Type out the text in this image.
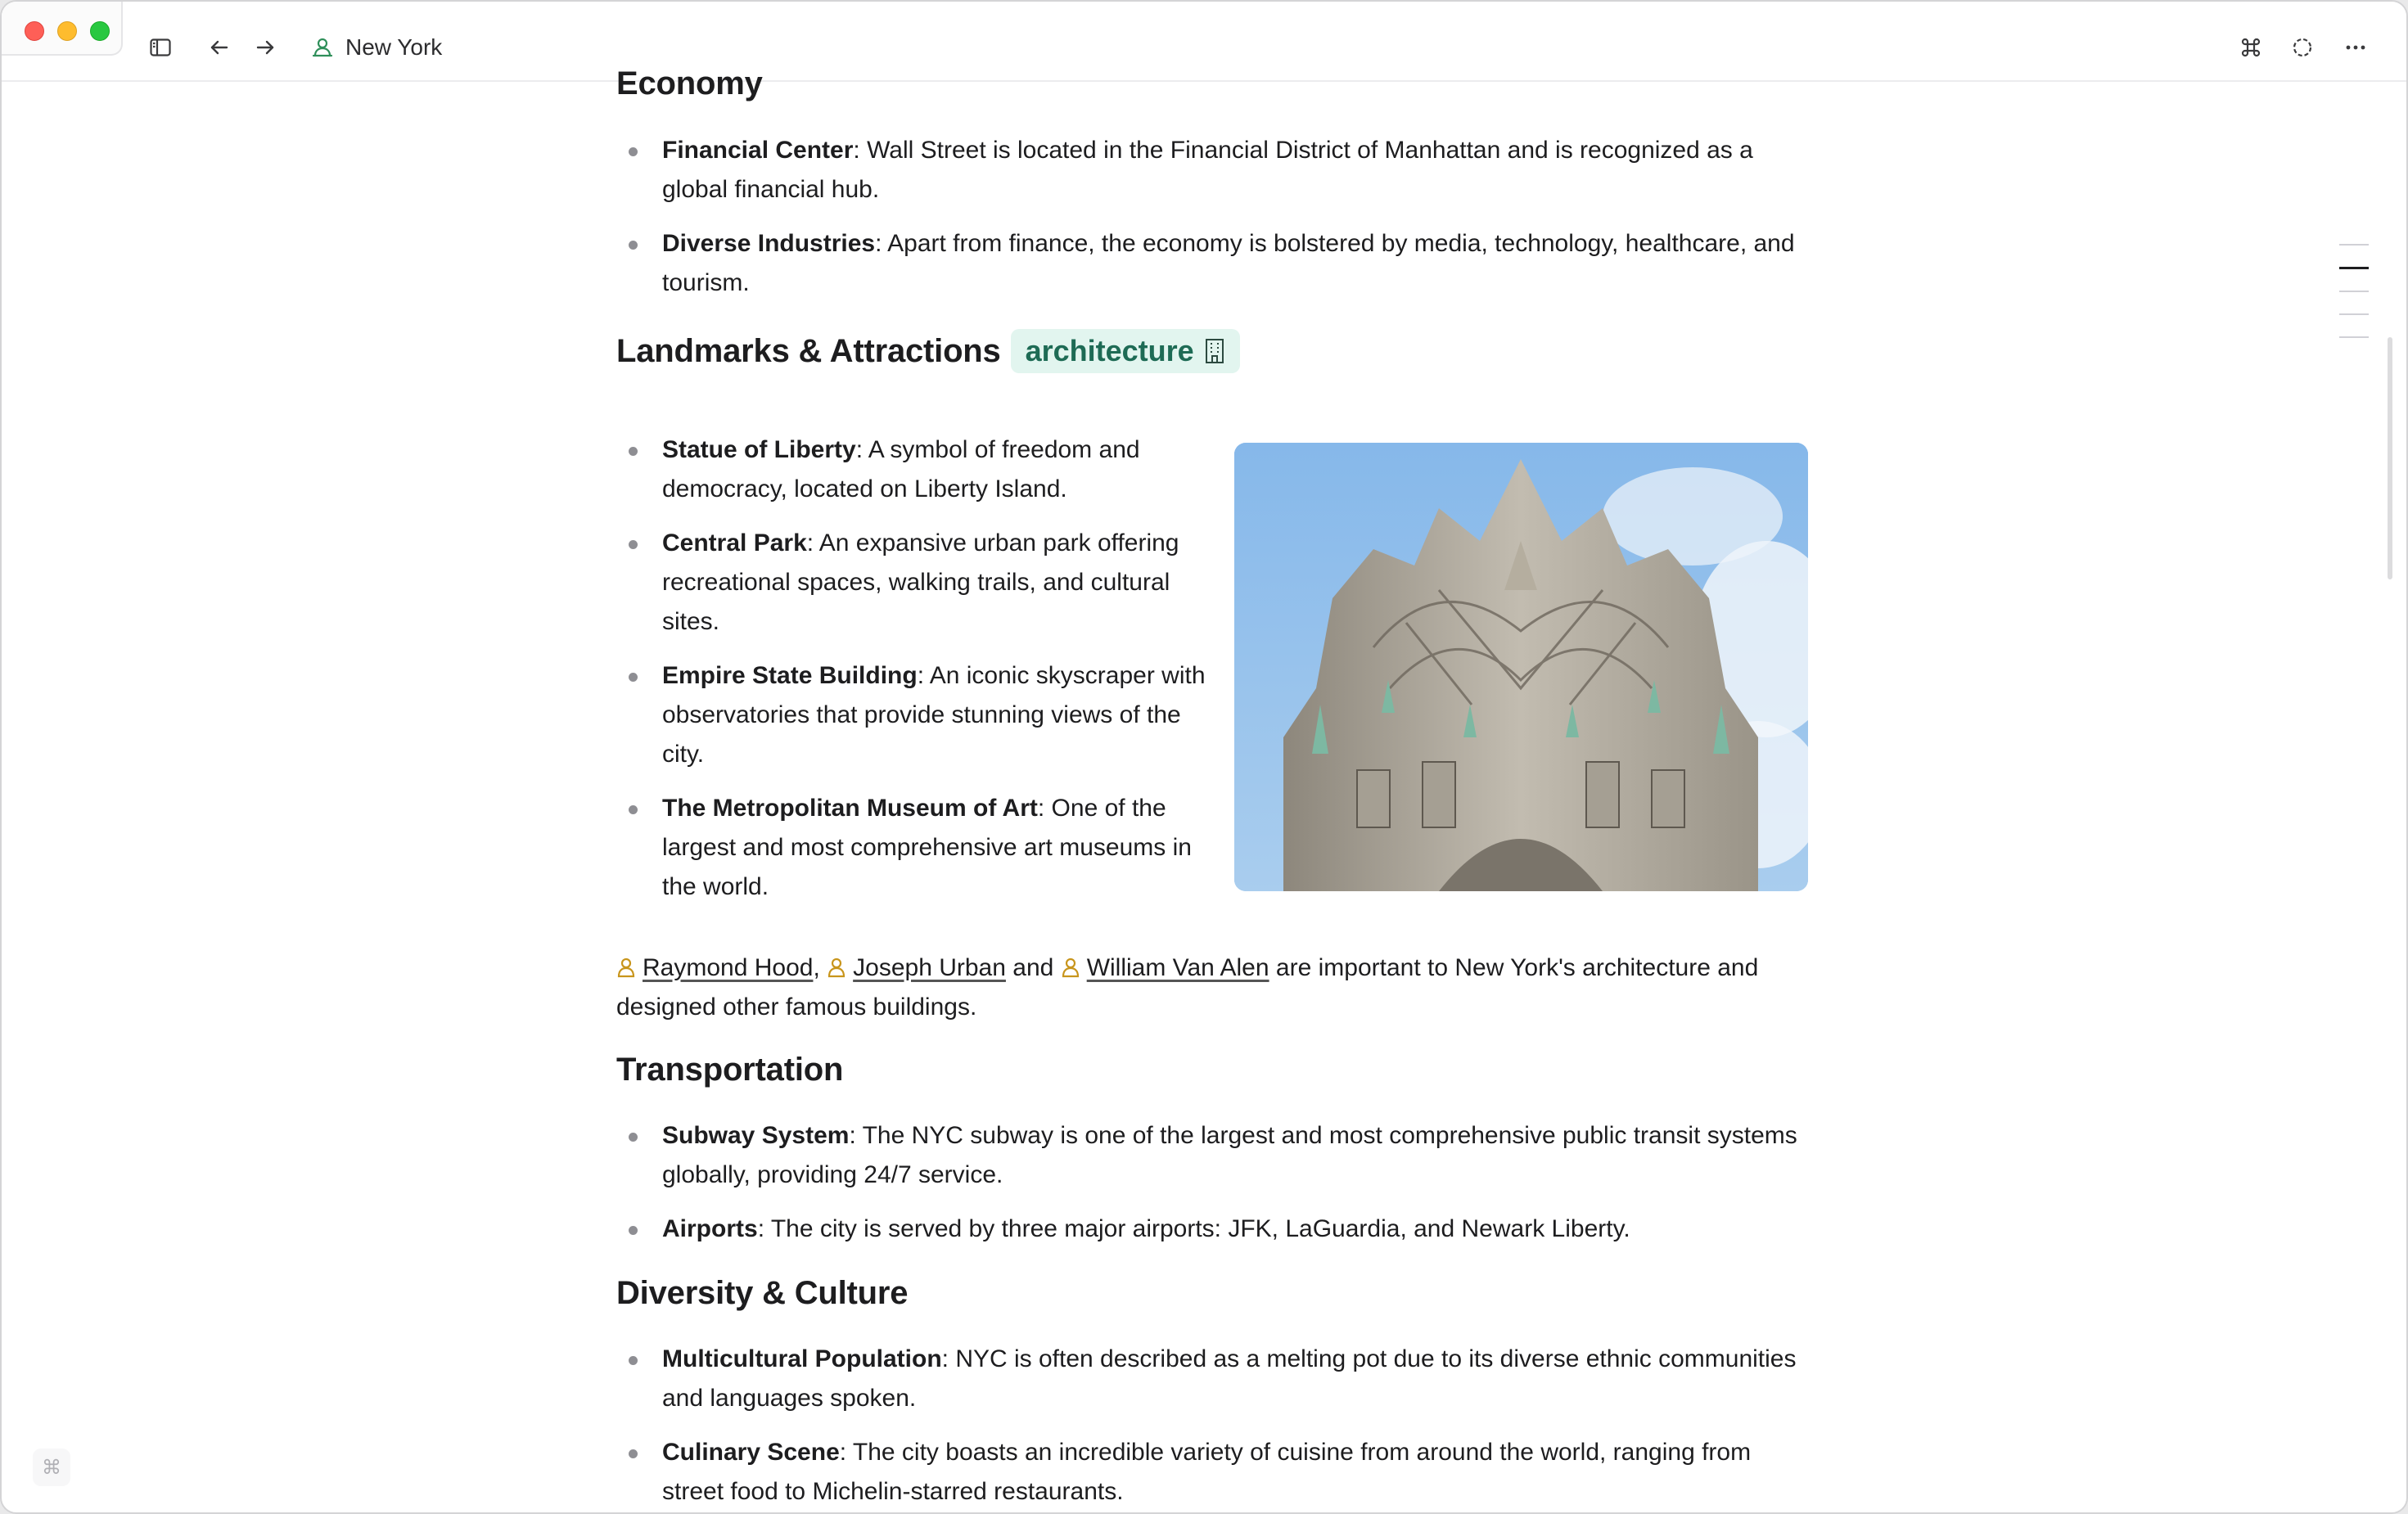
New York
Economy
Financial Center: Wall Street is located in the Financial District of Manhattan and is recognized as a global financial hub.
Diverse Industries: Apart from finance, the economy is bolstered by media, technology, healthcare, and tourism.
Landmarks & Attractions architecture
Statue of Liberty: A symbol of freedom and democracy, located on Liberty Island.
Central Park: An expansive urban park offering recreational spaces, walking trails, and cultural sites.
Empire State Building: An iconic skyscraper with observatories that provide stunning views of the city.
The Metropolitan Museum of Art: One of the largest and most comprehensive art museums in the world.
Raymond Hood, Joseph Urban and William Van Alen are important to New York's architecture and designed other famous buildings.
Transportation
Subway System: The NYC subway is one of the largest and most comprehensive public transit systems globally, providing 24/7 service.
Airports: The city is served by three major airports: JFK, LaGuardia, and Newark Liberty.
Diversity & Culture
Multicultural Population: NYC is often described as a melting pot due to its diverse ethnic communities and languages spoken.
Culinary Scene: The city boasts an incredible variety of cuisine from around the world, ranging from street food to Michelin-starred restaurants.
⌘
